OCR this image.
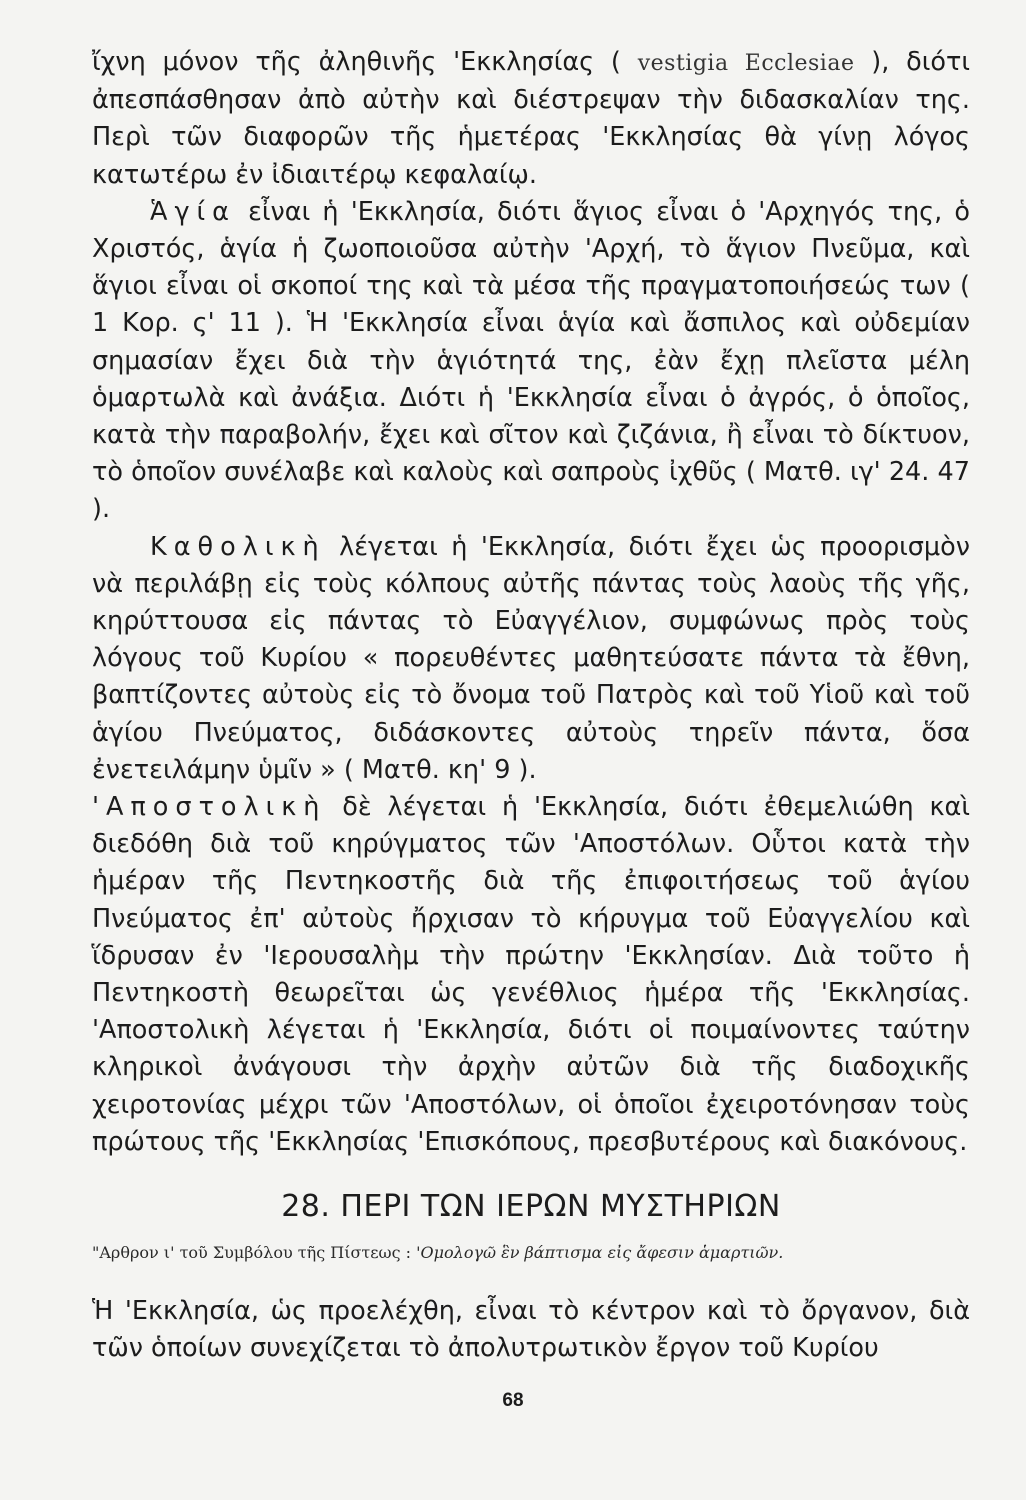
ἴχνη μόνον τῆς ἀληθινῆς 'Εκκλησίας ( vestigia Ecclesiae ), διότι ἀπεσπάσθησαν ἀπὸ αὐτὴν καὶ διέστρεψαν τὴν διδασκαλίαν της. Περὶ τῶν διαφορῶν τῆς ἡμετέρας 'Εκκλησίας θὰ γίνῃ λόγος κατωτέρω ἐν ἰδιαιτέρῳ κεφαλαίῳ.

Ἁγία εἶναι ἡ 'Εκκλησία, διότι ἅγιος εἶναι ὁ 'Αρχηγός της, ὁ Χριστός, ἁγία ἡ ζωοποιοῦσα αὐτὴν 'Αρχή, τὸ ἅγιον Πνεῦμα, καὶ ἅγιοι εἶναι οἱ σκοποί της καὶ τὰ μέσα τῆς πραγματοποιήσεώς των ( 1 Κορ. ς' 11 ). Ἡ 'Εκκλησία εἶναι ἁγία καὶ ἄσπιλος καὶ οὐδεμίαν σημασίαν ἔχει διὰ τὴν ἁγιότητά της, ἐὰν ἔχῃ πλεῖστα μέλη ὁμαρτωλὰ καὶ ἀνάξια. Διότι ἡ 'Εκκλησία εἶναι ὁ ἀγρός, ὁ ὁποῖος, κατὰ τὴν παραβολήν, ἔχει καὶ σῖτον καὶ ζιζάνια, ἢ εἶναι τὸ δίκτυον, τὸ ὁποῖον συνέλαβε καὶ καλοὺς καὶ σαπροὺς ἰχθῦς ( Ματθ. ιγ' 24. 47 ).

Καθολικὴ λέγεται ἡ 'Εκκλησία, διότι ἔχει ὡς προορισμὸν νὰ περιλάβῃ εἰς τοὺς κόλπους αὐτῆς πάντας τοὺς λαοὺς τῆς γῆς, κηρύττουσα εἰς πάντας τὸ Εὐαγγέλιον, συμφώνως πρὸς τοὺς λόγους τοῦ Κυρίου « πορευθέντες μαθητεύσατε πάντα τὰ ἔθνη, βαπτίζοντες αὐτοὺς εἰς τὸ ὄνομα τοῦ Πατρὸς καὶ τοῦ Υἱοῦ καὶ τοῦ ἁγίου Πνεύματος, διδάσκοντες αὐτοὺς τηρεῖν πάντα, ὅσα ἐνετειλάμην ὑμῖν » ( Ματθ. κη' 9 ).

'Αποστολικὴ δὲ λέγεται ἡ 'Εκκλησία, διότι ἐθεμελιώθη καὶ διεδόθη διὰ τοῦ κηρύγματος τῶν 'Αποστόλων. Οὗτοι κατὰ τὴν ἡμέραν τῆς Πεντηκοστῆς διὰ τῆς ἐπιφοιτήσεως τοῦ ἁγίου Πνεύματος ἐπ' αὐτοὺς ἤρχισαν τὸ κήρυγμα τοῦ Εὐαγγελίου καὶ ἵδρυσαν ἐν 'Ιερουσαλὴμ τὴν πρώτην 'Εκκλησίαν. Διὰ τοῦτο ἡ Πεντηκοστὴ θεωρεῖται ὡς γενέθλιος ἡμέρα τῆς 'Εκκλησίας. 'Αποστολικὴ λέγεται ἡ 'Εκκλησία, διότι οἱ ποιμαίνοντες ταύτην κληρικοὶ ἀνάγουσι τὴν ἀρχὴν αὐτῶν διὰ τῆς διαδοχικῆς χειροτονίας μέχρι τῶν 'Αποστόλων, οἱ ὁποῖοι ἐχειροτόνησαν τοὺς πρώτους τῆς 'Εκκλησίας 'Επισκόπους, πρεσβυτέρους καὶ διακόνους.

28. ΠΕΡΙ ΤΩΝ ΙΕΡΩΝ ΜΥΣΤΗΡΙΩΝ

"Αρθρον ι' τοῦ Συμβόλου τῆς Πίστεως : 'Ομολογῶ ἓν βάπτισμα εἰς ἄφεσιν ἁμαρτιῶν.

Ἡ 'Εκκλησία, ὡς προελέχθη, εἶναι τὸ κέντρον καὶ τὸ ὄργανον, διὰ τῶν ὁποίων συνεχίζεται τὸ ἀπολυτρωτικὸν ἔργον τοῦ Κυρίου

68
